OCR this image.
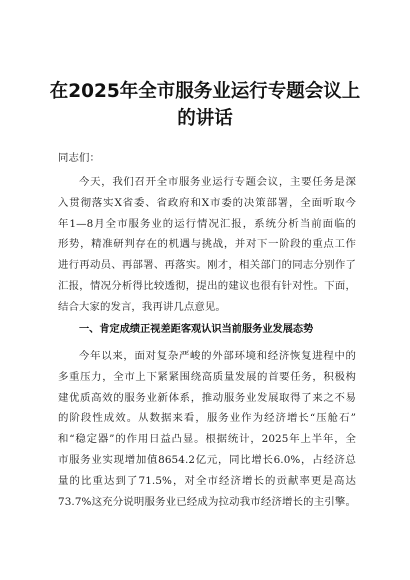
在2025年全市服务业运行专题会议上
的讲话
同志们：
今天，我们召开全市服务业运行专题会议，主要任务是深
入贯彻落实X省委、省政府和X市委的决策部署，全面听取今
年1—8月全市服务业的运行情况汇报，系统分析当前面临的
形势，精准研判存在的机遇与挑战，并对下一阶段的重点工作
进行再动员、再部署、再落实。刚才，相关部门的同志分别作了
汇报，情况分析得比较透彻，提出的建议也很有针对性。下面，
结合大家的发言，我再讲几点意见。
一、肯定成绩正视差距客观认识当前服务业发展态势
今年以来，面对复杂严峻的外部环境和经济恢复进程中的
多重压力，全市上下紧紧围绕高质量发展的首要任务，积极构
建优质高效的服务业新体系，推动服务业发展取得了来之不易
的阶段性成效。从数据来看，服务业作为经济增长“压舱石”
和“稳定器”的作用日益凸显。根据统计，2025年上半年，全
市服务业实现增加值8654.2亿元，同比增长6.0%，占经济总
量的比重达到了71.5%，对全市经济增长的贡献率更是高达
73.7%这充分说明服务业已经成为拉动我市经济增长的主引擎。
